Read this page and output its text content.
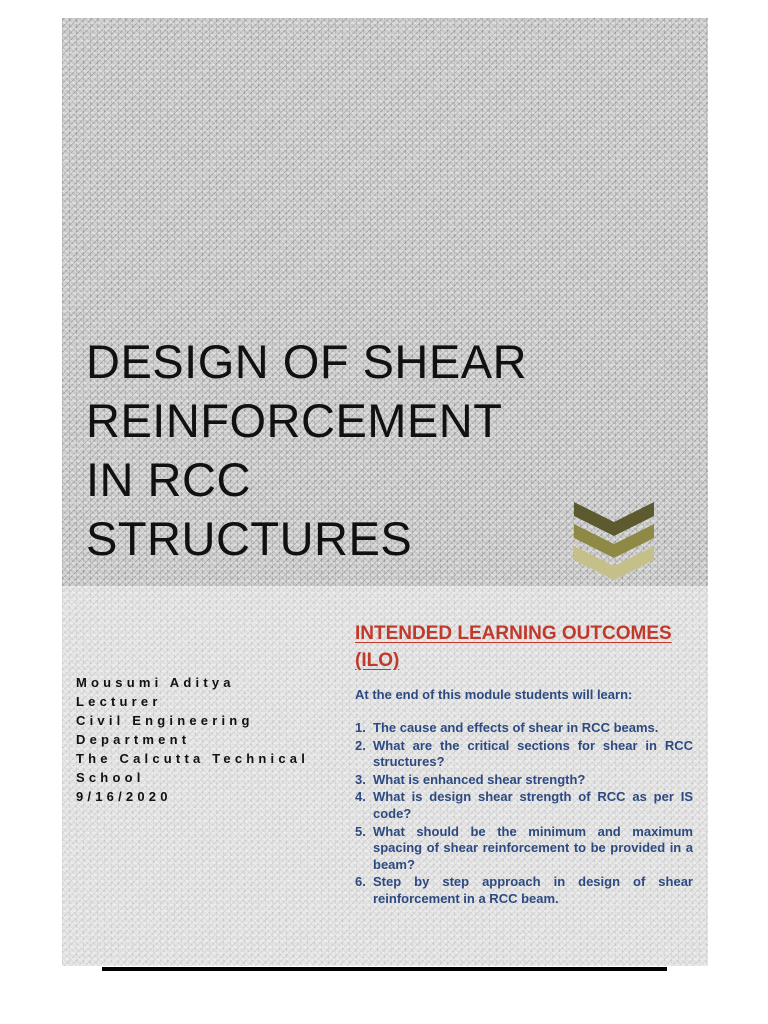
DESIGN OF SHEAR
REINFORCEMENT
IN RCC
STRUCTURES
Mousumi Aditya
Lecturer
Civil Engineering
Department
The Calcutta Technical
School
9/16/2020
INTENDED LEARNING OUTCOMES
(ILO)
At the end of this module students will learn:
1. The cause and effects of shear in RCC beams.
2. What are the critical sections for shear in RCC structures?
3. What is enhanced shear strength?
4. What is design shear strength of RCC as per IS code?
5. What should be the minimum and maximum spacing of shear reinforcement to be provided in a beam?
6. Step by step approach in design of shear reinforcement in a RCC beam.
